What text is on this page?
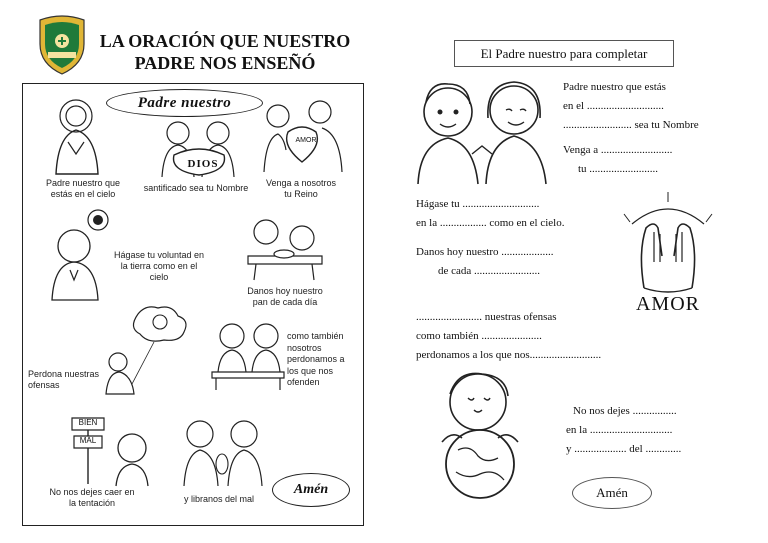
LA ORACIÓN QUE NUESTRO PADRE NOS ENSEÑÓ
Padre nuestro
Padre nuestro que estás en el cielo
DIOS
santificado sea tu Nombre
AMOR
Venga a nosotros tu Reino
Hágase tu voluntad en la tierra como en el cielo
Danos hoy nuestro pan de cada día
Perdona nuestras ofensas
como también nosotros perdonamos a los que nos ofenden
BIEN
MAL
No nos dejes caer en la tentación	y libranos del mal
Amén
El Padre nuestro para completar
Padre nuestro que estás
en el ............................
......................... sea tu Nombre
Venga a ..........................
tu .........................
Hágase tu ............................
en la ................. como en el cielo.
Danos hoy nuestro ...................
de cada ........................
AMOR
........................ nuestras ofensas
como también ......................
perdonamos a los que nos..........................
No nos dejes ................
en la ..............................
y ................... del .............
Amén
